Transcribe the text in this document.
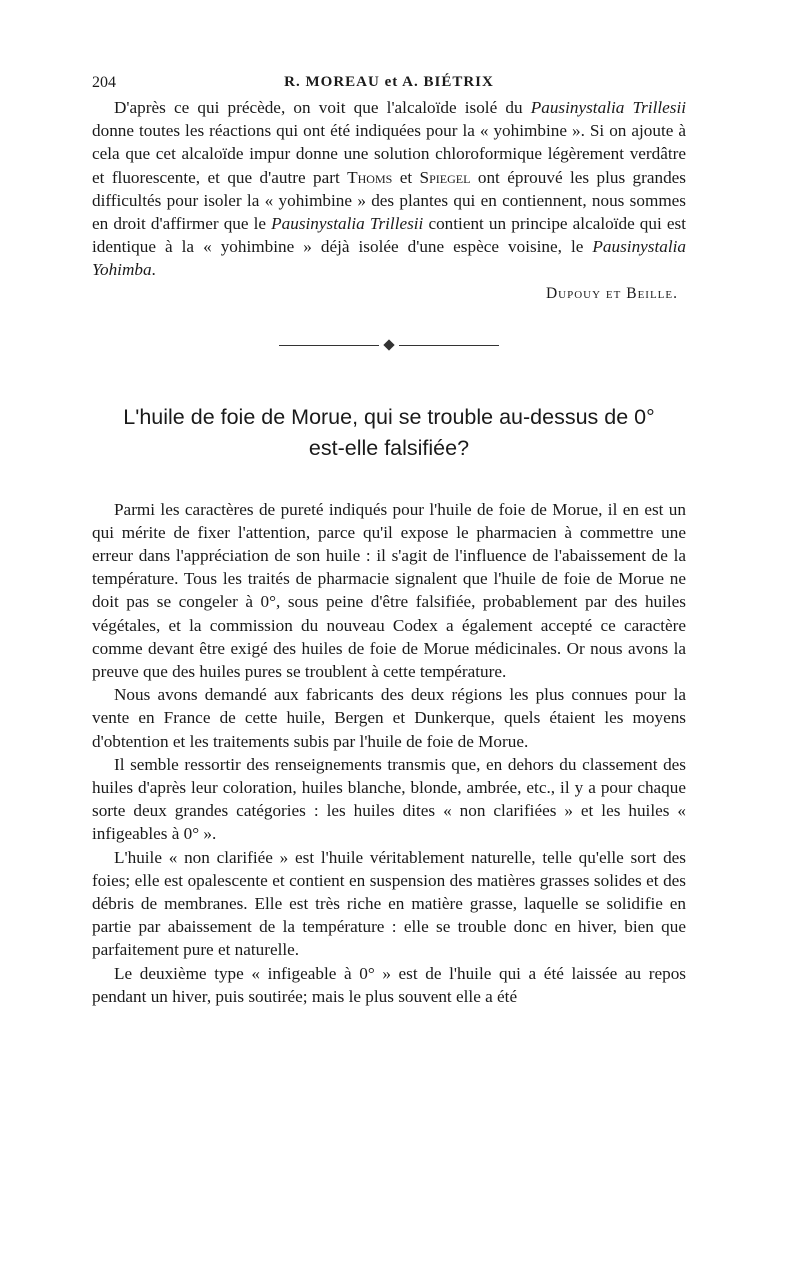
204	R. MOREAU et A. BIÉTRIX

D'après ce qui précède, on voit que l'alcaloïde isolé du Pausinystalia Trillesii donne toutes les réactions qui ont été indiquées pour la « yohimbine ». Si on ajoute à cela que cet alcaloïde impur donne une solution chloroformique légèrement verdâtre et fluorescente, et que d'autre part Thoms et Spiegel ont éprouvé les plus grandes difficultés pour isoler la « yohimbine » des plantes qui en contiennent, nous sommes en droit d'affirmer que le Pausinystalia Trillesii contient un principe alcaloïde qui est identique à la « yohimbine » déjà isolée d'une espèce voisine, le Pausinystalia Yohimba.

Dupouy et Beille.
L'huile de foie de Morue, qui se trouble au-dessus de 0°
est-elle falsifiée?

Parmi les caractères de pureté indiqués pour l'huile de foie de Morue, il en est un qui mérite de fixer l'attention, parce qu'il expose le pharmacien à commettre une erreur dans l'appréciation de son huile : il s'agit de l'influence de l'abaissement de la température. Tous les traités de pharmacie signalent que l'huile de foie de Morue ne doit pas se congeler à 0°, sous peine d'être falsifiée, probablement par des huiles végétales, et la commission du nouveau Codex a également accepté ce caractère comme devant être exigé des huiles de foie de Morue médicinales. Or nous avons la preuve que des huiles pures se troublent à cette température.

Nous avons demandé aux fabricants des deux régions les plus connues pour la vente en France de cette huile, Bergen et Dunkerque, quels étaient les moyens d'obtention et les traitements subis par l'huile de foie de Morue.

Il semble ressortir des renseignements transmis que, en dehors du classement des huiles d'après leur coloration, huiles blanche, blonde, ambrée, etc., il y a pour chaque sorte deux grandes catégories : les huiles dites « non clarifiées » et les huiles « infigeables à 0° ».

L'huile « non clarifiée » est l'huile véritablement naturelle, telle qu'elle sort des foies; elle est opalescente et contient en suspension des matières grasses solides et des débris de membranes. Elle est très riche en matière grasse, laquelle se solidifie en partie par abaissement de la température : elle se trouble donc en hiver, bien que parfaitement pure et naturelle.

Le deuxième type « infigeable à 0° » est de l'huile qui a été laissée au repos pendant un hiver, puis soutirée; mais le plus souvent elle a été
